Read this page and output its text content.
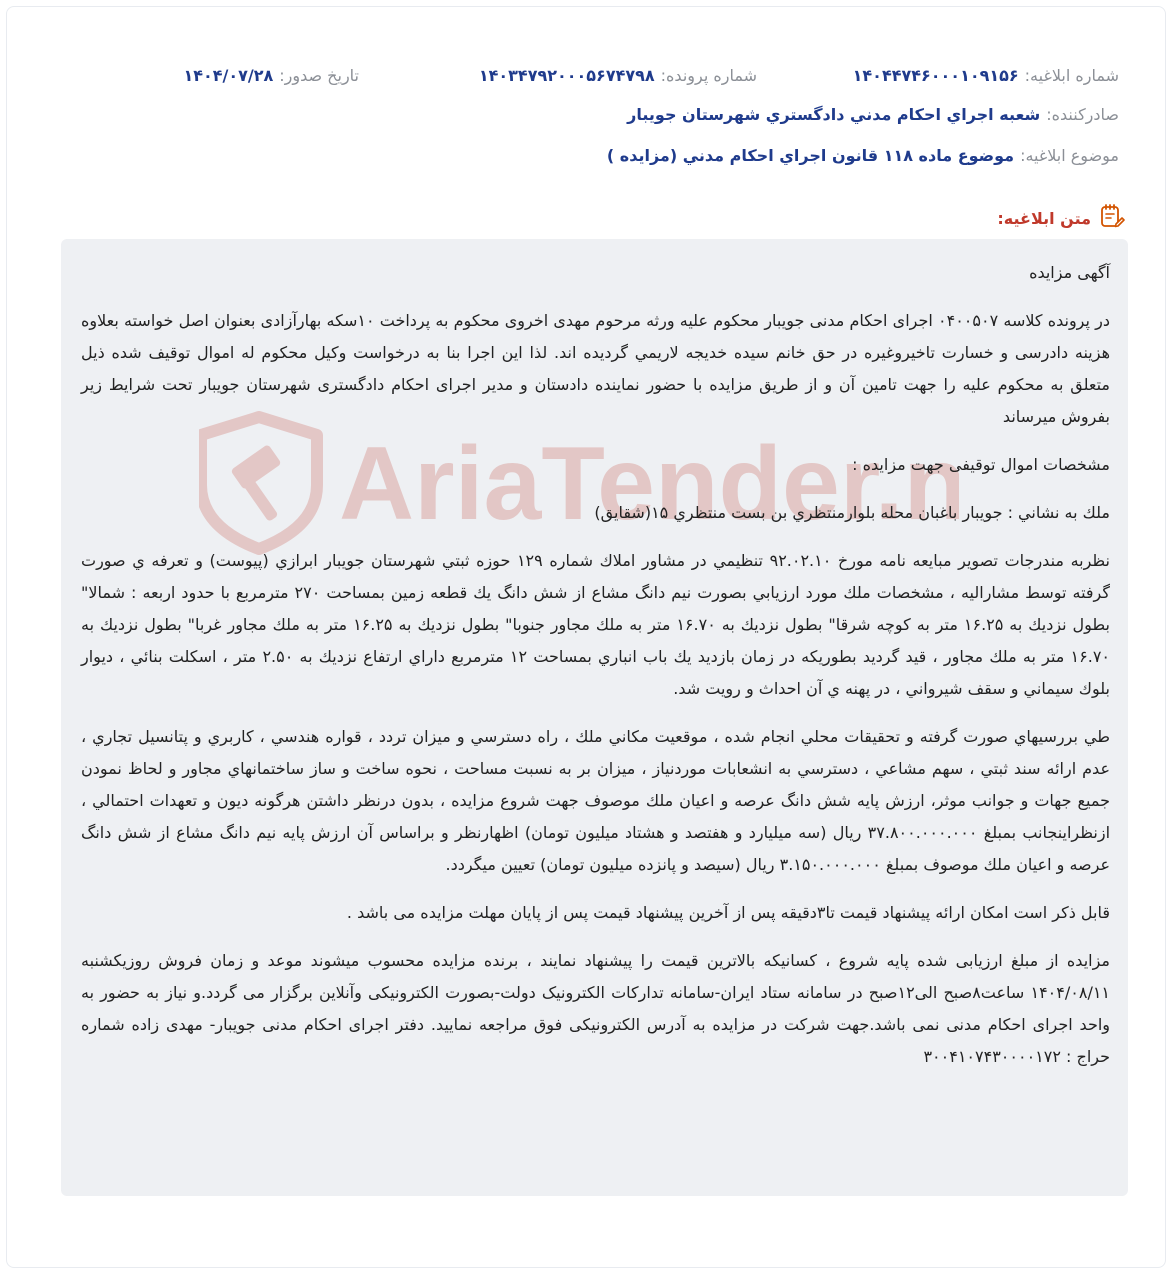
شماره ابلاغیه:
۱۴۰۴۴۷۴۶۰۰۰۱۰۹۱۵۶
شماره پرونده:
۱۴۰۳۴۷۹۲۰۰۰۵۶۷۴۷۹۸
تاریخ صدور:
۱۴۰۴/۰۷/۲۸
صادرکننده:
شعبه اجراي احكام مدني دادگستري شهرستان جويبار
موضوع ابلاغیه:
موضوع ماده ۱۱۸ قانون اجراي احكام مدني (مزايده )
متن ابلاغیه:
AriaTender.n

آگهی مزایده

در پرونده کلاسه ۰۴۰۰۵۰۷ اجرای احکام مدنی جویبار محکوم علیه ورثه مرحوم مهدی اخروی محکوم به پرداخت ۱۰سکه بهارآزادی بعنوان اصل خواسته بعلاوه هزینه دادرسی و خسارت تاخیروغیره در حق خانم سیده خدیجه لاریمي گردیده اند. لذا این اجرا بنا به درخواست وکیل محکوم له اموال توقیف شده ذیل متعلق به محکوم علیه را جهت تامین آن و از طریق مزایده با حضور نماینده دادستان و مدیر اجرای احکام دادگستری شهرستان جویبار تحت شرایط زیر بفروش میرساند

مشخصات اموال توقیفی جهت مزایده :

ملك به نشاني : جويبار باغبان محله بلوارمنتظري بن بست منتظري ۱۵(شقايق)

نظربه مندرجات تصوير مبايعه نامه مورخ ۹۲.۰۲.۱۰ تنظيمي در مشاور املاك شماره ۱۲۹ حوزه ثبتي شهرستان جويبار ابرازي (پيوست) و تعرفه ي صورت گرفته توسط مشاراليه ، مشخصات ملك مورد ارزيابي بصورت نيم دانگ مشاع از شش دانگ يك قطعه زمين بمساحت ۲۷۰ مترمربع با حدود اربعه : شمالا" بطول نزديك به ۱۶.۲۵ متر به كوچه شرقا" بطول نزديك به ۱۶.۷۰ متر به ملك مجاور جنوبا" بطول نزديك به ۱۶.۲۵ متر به ملك مجاور غربا" بطول نزديك به ۱۶.۷۰ متر به ملك مجاور ، قيد گرديد بطوريكه در زمان بازديد يك باب انباري بمساحت ۱۲ مترمربع داراي ارتفاع نزديك به ۲.۵۰ متر ، اسكلت بنائي ، ديوار بلوك سيماني و سقف شيرواني ، در پهنه ي آن احداث و رويت شد.

طي بررسيهاي صورت گرفته و تحقيقات محلي انجام شده ، موقعيت مكاني ملك ، راه دسترسي و ميزان تردد ، قواره هندسي ، كاربري و پتانسيل تجاري ، عدم ارائه سند ثبتي ، سهم مشاعي ، دسترسي به انشعابات موردنياز ، ميزان بر به نسبت مساحت ، نحوه ساخت و ساز ساختمانهاي مجاور و لحاظ نمودن جميع جهات و جوانب موثر، ارزش پايه شش دانگ عرصه و اعيان ملك موصوف جهت شروع مزايده ، بدون درنظر داشتن هرگونه ديون و تعهدات احتمالي ، ازنظراينجانب بمبلغ ۳۷.۸۰۰.۰۰۰.۰۰۰ ريال (سه ميليارد و هفتصد و هشتاد ميليون تومان) اظهارنظر و براساس آن ارزش پايه نيم دانگ مشاع از شش دانگ عرصه و اعيان ملك موصوف بمبلغ ۳.۱۵۰.۰۰۰.۰۰۰ ريال (سيصد و پانزده ميليون تومان) تعيين ميگردد.

قابل ذکر است امکان ارائه پیشنهاد قیمت تا۳دقیقه پس از آخرین پیشنهاد قیمت پس از پایان مهلت مزایده می باشد .

مزایده از مبلغ ارزیابی شده پایه شروع ، کسانیکه بالاترین قیمت را پیشنهاد نمایند ، برنده مزایده محسوب میشوند موعد و زمان فروش روزیکشنبه ۱۴۰۴/۰۸/۱۱ ساعت۸صبح الی۱۲صبح در سامانه ستاد ایران-سامانه تدارکات الکترونیک دولت-بصورت الکترونیکی وآنلاین برگزار می گردد.و نیاز به حضور به واحد اجرای احکام مدنی نمی باشد.جهت شرکت در مزایده به آدرس الکترونیکی فوق مراجعه نمایید. دفتر اجرای احکام مدنی جویبار- مهدی زاده شماره حراج : ۳۰۰۴۱۰۷۴۳۰۰۰۰۱۷۲
